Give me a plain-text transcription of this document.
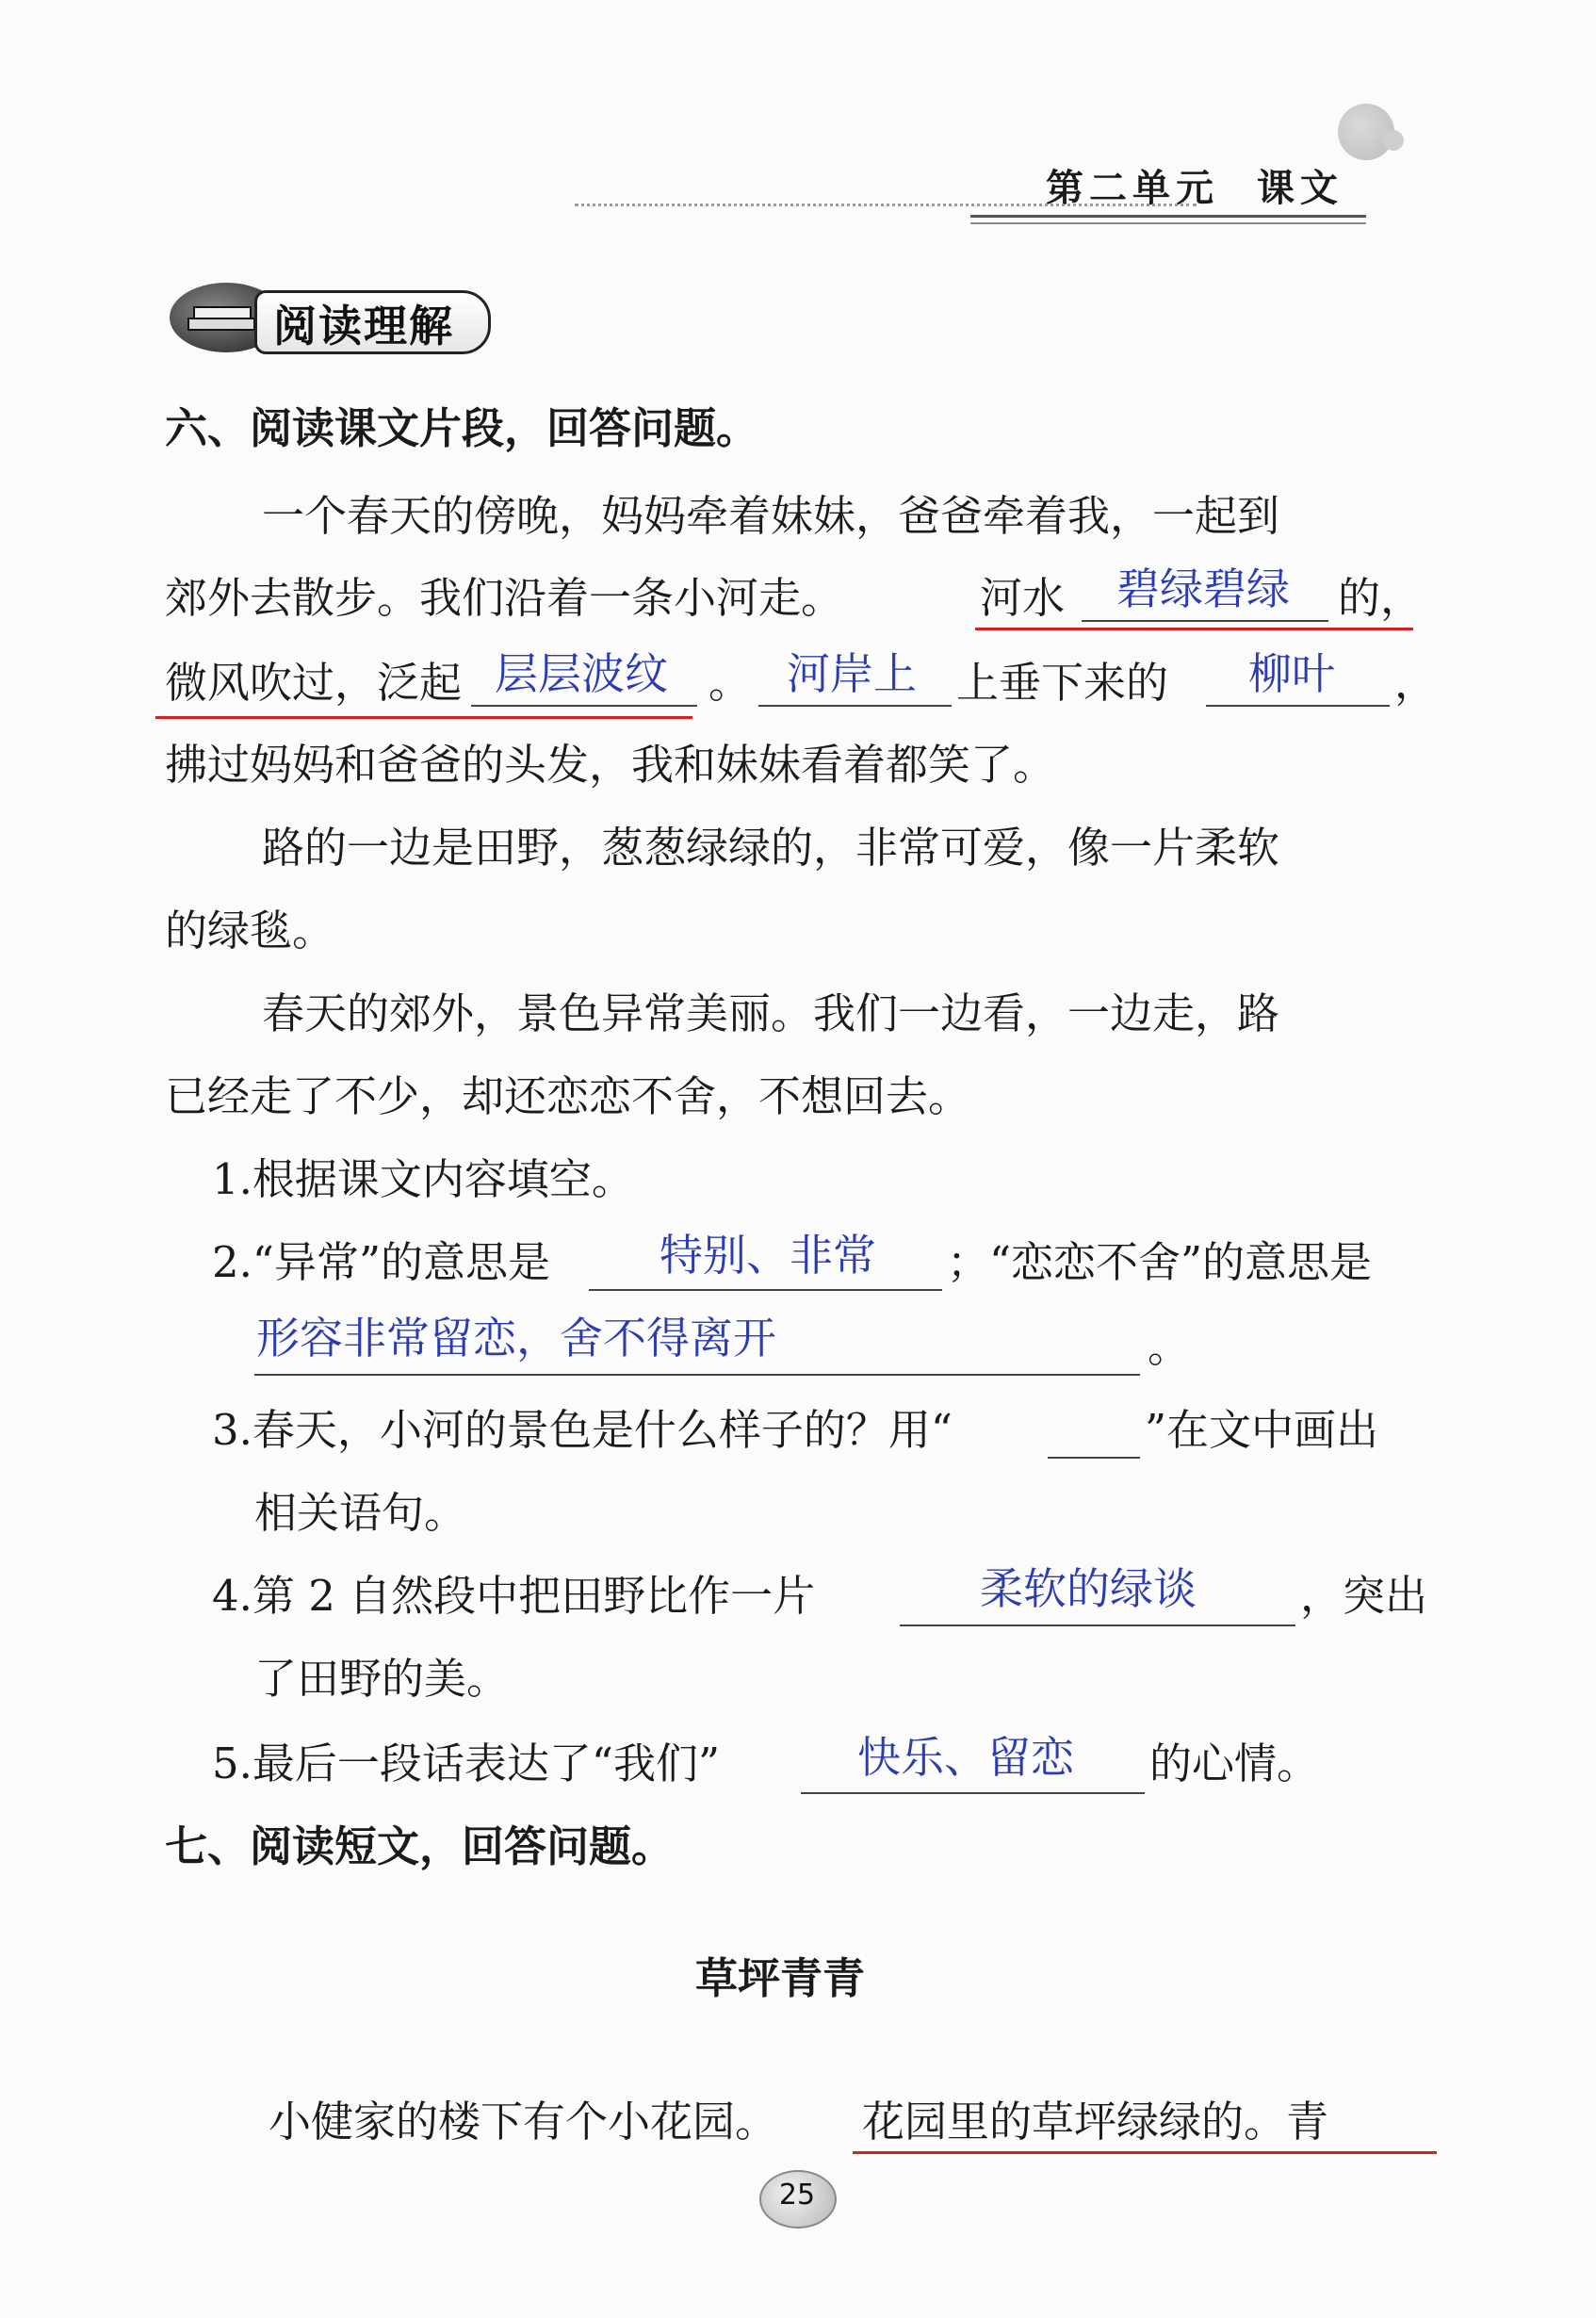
第二单元  课文
阅读理解
六、阅读课文片段，回答问题。
一个春天的傍晚，妈妈牵着妹妹，爸爸牵着我，一起到
郊外去散步。我们沿着一条小河走。	河水 碧绿碧绿 的，
微风吹过，泛起 层层波纹 。 河岸上 上垂下来的 柳叶 ，
拂过妈妈和爸爸的头发，我和妹妹看着都笑了。
路的一边是田野，葱葱绿绿的，非常可爱，像一片柔软
的绿毯。
春天的郊外，景色异常美丽。我们一边看，一边走，路
已经走了不少，却还恋恋不舍，不想回去。
1.根据课文内容填空。
2.“异常”的意思是	特别、非常 ；“恋恋不舍”的意思是
形容非常留恋，舍不得离开	。
3.春天，小河的景色是什么样子的？用“	”在文中画出
相关语句。
4.第 2 自然段中把田野比作一片	柔软的绿谈 ，突出
了田野的美。
5.最后一段话表达了“我们”	快乐、留恋 的心情。
七、阅读短文，回答问题。
草坪青青
小健家的楼下有个小花园。 花园里的草坪绿绿的。青
25
